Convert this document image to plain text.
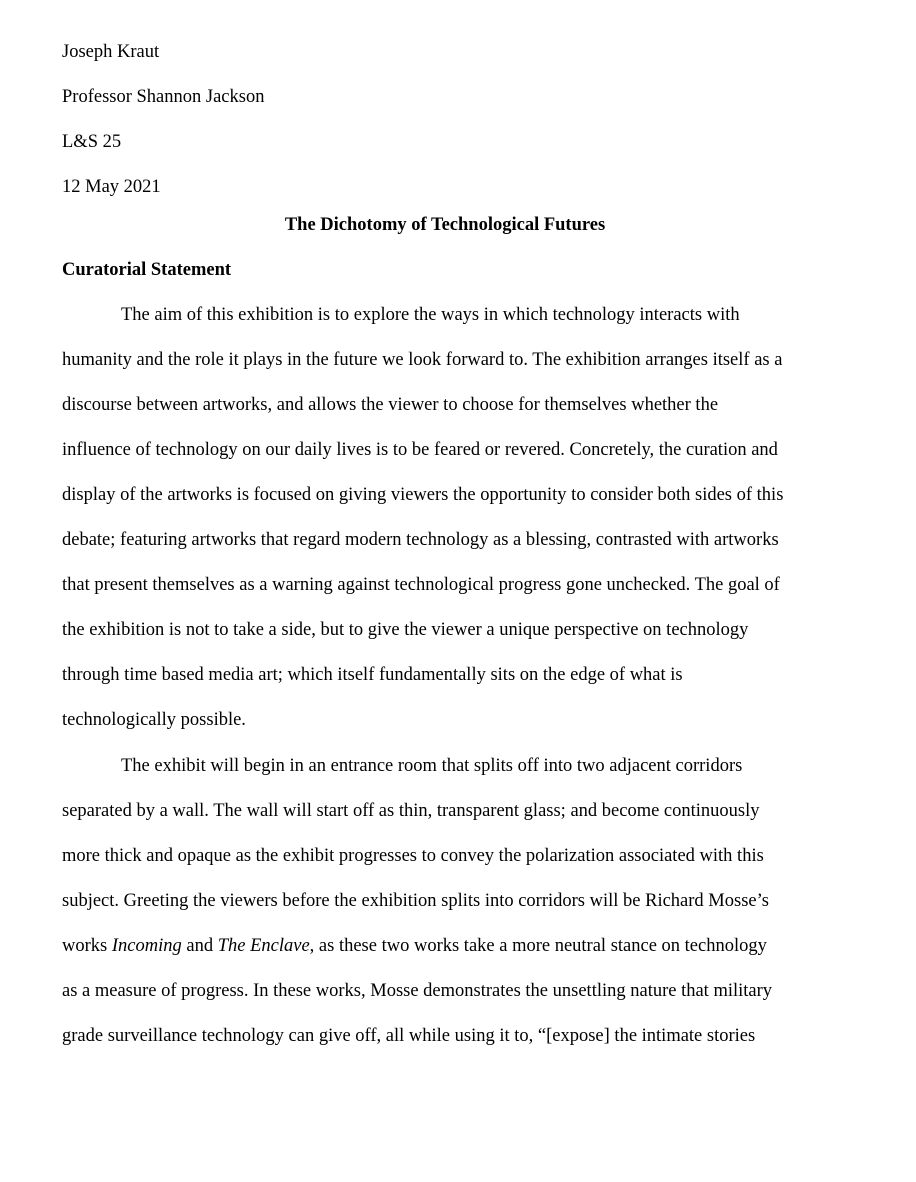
Joseph Kraut
Professor Shannon Jackson
L&S 25
12 May 2021
The Dichotomy of Technological Futures
Curatorial Statement
The aim of this exhibition is to explore the ways in which technology interacts with
humanity and the role it plays in the future we look forward to. The exhibition arranges itself as a
discourse between artworks, and allows the viewer to choose for themselves whether the
influence of technology on our daily lives is to be feared or revered. Concretely, the curation and
display of the artworks is focused on giving viewers the opportunity to consider both sides of this
debate; featuring artworks that regard modern technology as a blessing, contrasted with artworks
that present themselves as a warning against technological progress gone unchecked. The goal of
the exhibition is not to take a side, but to give the viewer a unique perspective on technology
through time based media art; which itself fundamentally sits on the edge of what is
technologically possible.
The exhibit will begin in an entrance room that splits off into two adjacent corridors
separated by a wall. The wall will start off as thin, transparent glass; and become continuously
more thick and opaque as the exhibit progresses to convey the polarization associated with this
subject. Greeting the viewers before the exhibition splits into corridors will be Richard Mosse’s
works Incoming and The Enclave, as these two works take a more neutral stance on technology
as a measure of progress. In these works, Mosse demonstrates the unsettling nature that military
grade surveillance technology can give off, all while using it to, “[expose] the intimate stories
